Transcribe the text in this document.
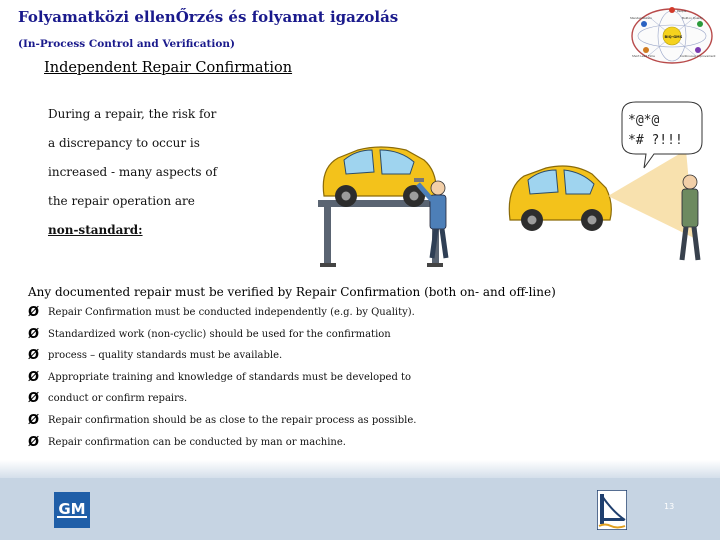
Folyamatközi ellenŐrzés és folyamat igazolás
(In-Process Control and Verification)
Independent Repair Confirmation
People
Built-in Quality
Standardization
BIQ-GMS
Short Lead Time	Continuous Improvement
During a repair, the risk for
a discrepancy to occur is
increased - many aspects of
the repair operation are
non-standard:
*@*@
*# ?!!!
Any documented repair must be verified by Repair Confirmation (both on- and off-line)
Ø Repair Confirmation must be conducted independently (e.g. by Quality).
Ø Standardized work (non-cyclic) should be used for the confirmation
Ø process – quality standards must be available.
Ø Appropriate training and knowledge of standards must be developed to
Ø conduct or confirm repairs.
Ø Repair confirmation should be as close to the repair process as possible.
Ø Repair confirmation can be conducted by man or machine.
GM	13
